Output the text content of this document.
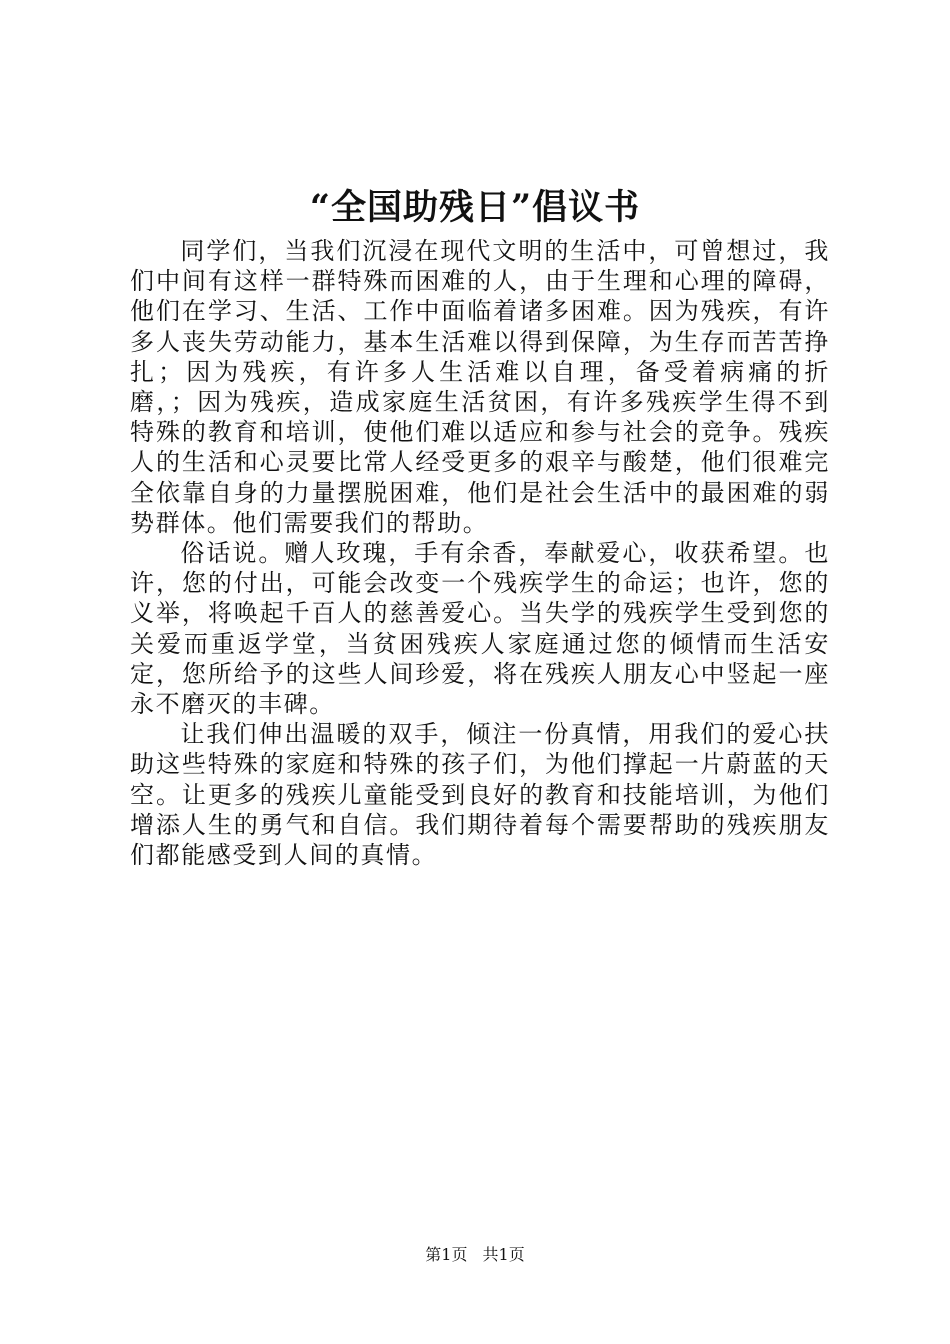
“全国助残日”倡议书

同学们，当我们沉浸在现代文明的生活中，可曾想过，我们中间有这样一群特殊而困难的人，由于生理和心理的障碍，他们在学习、生活、工作中面临着诸多困难。因为残疾，有许多人丧失劳动能力，基本生活难以得到保障，为生存而苦苦挣扎；因为残疾，有许多人生活难以自理，备受着病痛的折磨，；因为残疾，造成家庭生活贫困，有许多残疾学生得不到特殊的教育和培训，使他们难以适应和参与社会的竞争。残疾人的生活和心灵要比常人经受更多的艰辛与酸楚，他们很难完全依靠自身的力量摆脱困难，他们是社会生活中的最困难的弱势群体。他们需要我们的帮助。

俗话说。赠人玫瑰，手有余香，奉献爱心，收获希望。也许，您的付出，可能会改变一个残疾学生的命运；也许，您的义举，将唤起千百人的慈善爱心。当失学的残疾学生受到您的关爱而重返学堂，当贫困残疾人家庭通过您的倾情而生活安定，您所给予的这些人间珍爱，将在残疾人朋友心中竖起一座永不磨灭的丰碑。

让我们伸出温暖的双手，倾注一份真情，用我们的爱心扶助这些特殊的家庭和特殊的孩子们，为他们撑起一片蔚蓝的天空。让更多的残疾儿童能受到良好的教育和技能培训，为他们增添人生的勇气和自信。我们期待着每个需要帮助的残疾朋友们都能感受到人间的真情。

第1页 共1页
